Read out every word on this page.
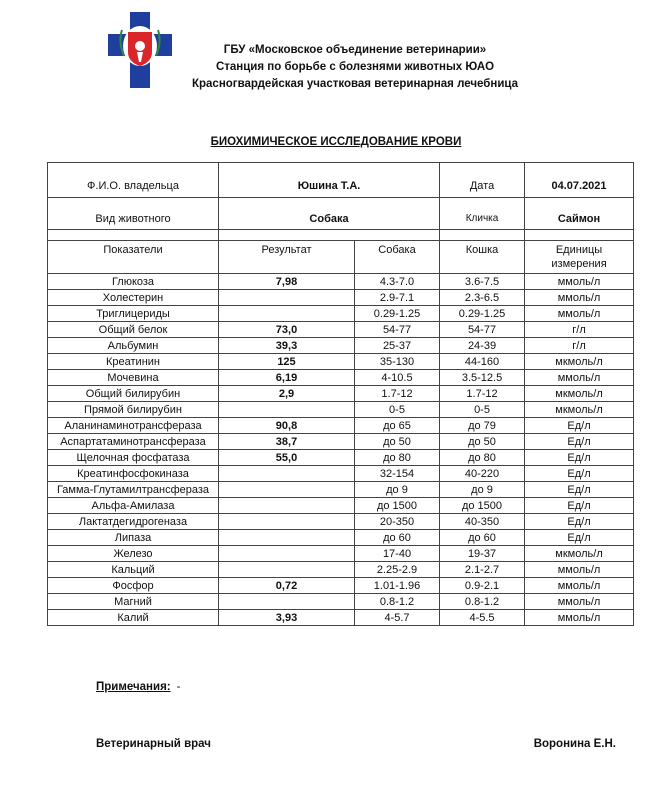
ГБУ «Московское объединение ветеринарии»
Станция по борьбе с болезнями животных ЮАО
Красногвардейская участковая ветеринарная лечебница
БИОХИМИЧЕСКОЕ ИССЛЕДОВАНИЕ КРОВИ
Ф.И.О. владельца	Юшина Т.А.		Дата	04.07.2021
Вид животного	Собака		Кличка	Саймон

Показатели	Результат	Собака	Кошка	Единицы измерения
Глюкоза	7,98	4.3-7.0	3.6-7.5	ммоль/л
Холестерин		2.9-7.1	2.3-6.5	ммоль/л
Триглицериды		0.29-1.25	0.29-1.25	ммоль/л
Общий белок	73,0	54-77	54-77	г/л
Альбумин	39,3	25-37	24-39	г/л
Креатинин	125	35-130	44-160	мкмоль/л
Мочевина	6,19	4-10.5	3.5-12.5	ммоль/л
Общий билирубин	2,9	1.7-12	1.7-12	мкмоль/л
Прямой билирубин		0-5	0-5	мкмоль/л
Аланинаминотрансфераза	90,8	до 65	до 79	Ед/л
Аспартатаминотрансфераза	38,7	до 50	до 50	Ед/л
Щелочная фосфатаза	55,0	до 80	до 80	Ед/л
Креатинфосфокиназа		32-154	40-220	Ед/л
Гамма-Глутамилтрансфераза		до 9	до 9	Ед/л
Альфа-Амилаза		до 1500	до 1500	Ед/л
Лактатдегидрогеназа		20-350	40-350	Ед/л
Липаза		до 60	до 60	Ед/л
Железо		17-40	19-37	мкмоль/л
Кальций		2.25-2.9	2.1-2.7	ммоль/л
Фосфор	0,72	1.01-1.96	0.9-2.1	ммоль/л
Магний		0.8-1.2	0.8-1.2	ммоль/л
Калий	3,93	4-5.7	4-5.5	ммоль/л
Примечания: -
Ветеринарный врач	Воронина Е.Н.
